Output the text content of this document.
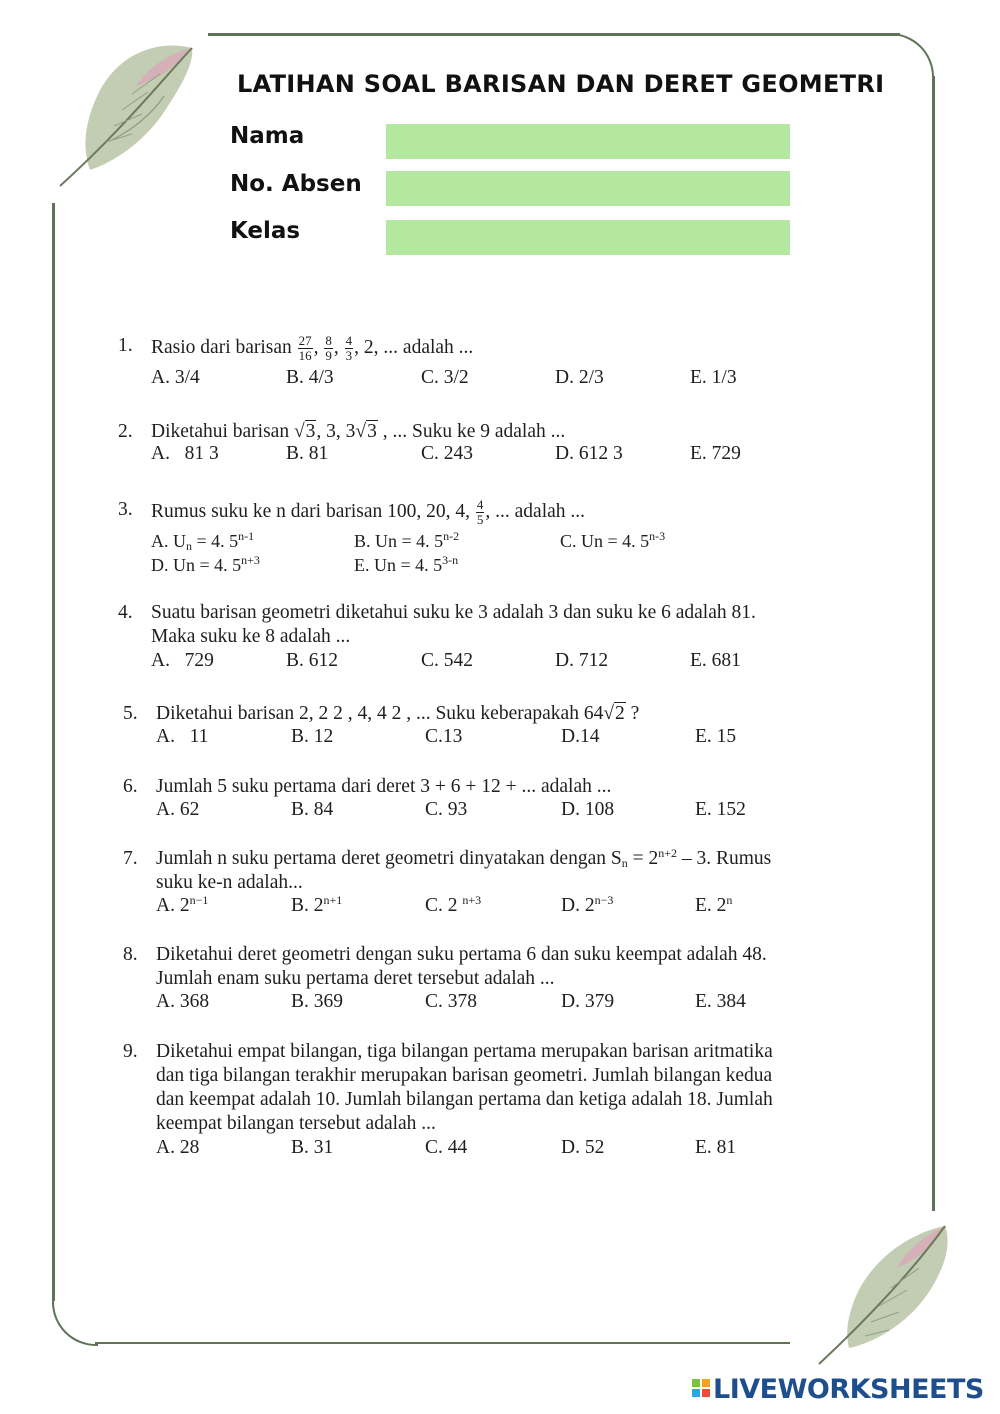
LATIHAN SOAL BARISAN DAN DERET GEOMETRI
Nama
No. Absen
Kelas
1. Rasio dari barisan $\frac{27}{16}$ , $\frac{8}{9}$ , $\frac{4}{3}$ , 2, ... adalah ...
A. 3/4	B. 4/3	C. 3/2	D. 2/3	E. 1/3
2. Diketahui barisan √3, 3, 3√3 , ... Suku ke 9 adalah ...
A.   81 3	B. 81	C. 243	D. 612 3	E. 729
3. Rumus suku ke n dari barisan 100, 20, 4, $\frac{4}{5}$ , ... adalah ...
A. $U_n = 4$. 5$^{n-1}$	B. Un = 4. 5$^{n-2}$	C. Un = 4. 5$^{n-3}$
D. Un = 4. $5^{n+3}$	E. Un = 4. 5$^{3-n}$
4. Suatu barisan geometri diketahui suku ke 3 adalah 3 dan suku ke 6 adalah 81.
Maka suku ke 8 adalah ...
A.   729	B. 612	C. 542	D. 712	E. 681
5. Diketahui barisan 2, 2 2 , 4, 4 2 , ... Suku keberapakah 64√2 ?
A.   11	B. 12	C.13	D.14	E. 15
6. Jumlah 5 suku pertama dari deret 3 + 6 + 12 + ... adalah ...
A. 62	B. 84	C. 93	D. 108	E. 152
7. Jumlah n suku pertama deret geometri dinyatakan dengan $S_n = 2^{n+2} - 3$. Rumus
suku ke-n adalah...
A. $2^{n-1}$	B. $2^{n+1}$	C. 2 $^{n+3}$	D. $2^{n-3}$	E. 2$^n$
8. Diketahui deret geometri dengan suku pertama 6 dan suku keempat adalah 48.
Jumlah enam suku pertama deret tersebut adalah ...
A. 368	B. 369	C. 378	D. 379	E. 384
9. Diketahui empat bilangan, tiga bilangan pertama merupakan barisan aritmatika
dan tiga bilangan terakhir merupakan barisan geometri. Jumlah bilangan kedua
dan keempat adalah 10. Jumlah bilangan pertama dan ketiga adalah 18. Jumlah
keempat bilangan tersebut adalah ...
A. 28	B. 31	C. 44	D. 52	E. 81
LIVEWORKSHEETS
